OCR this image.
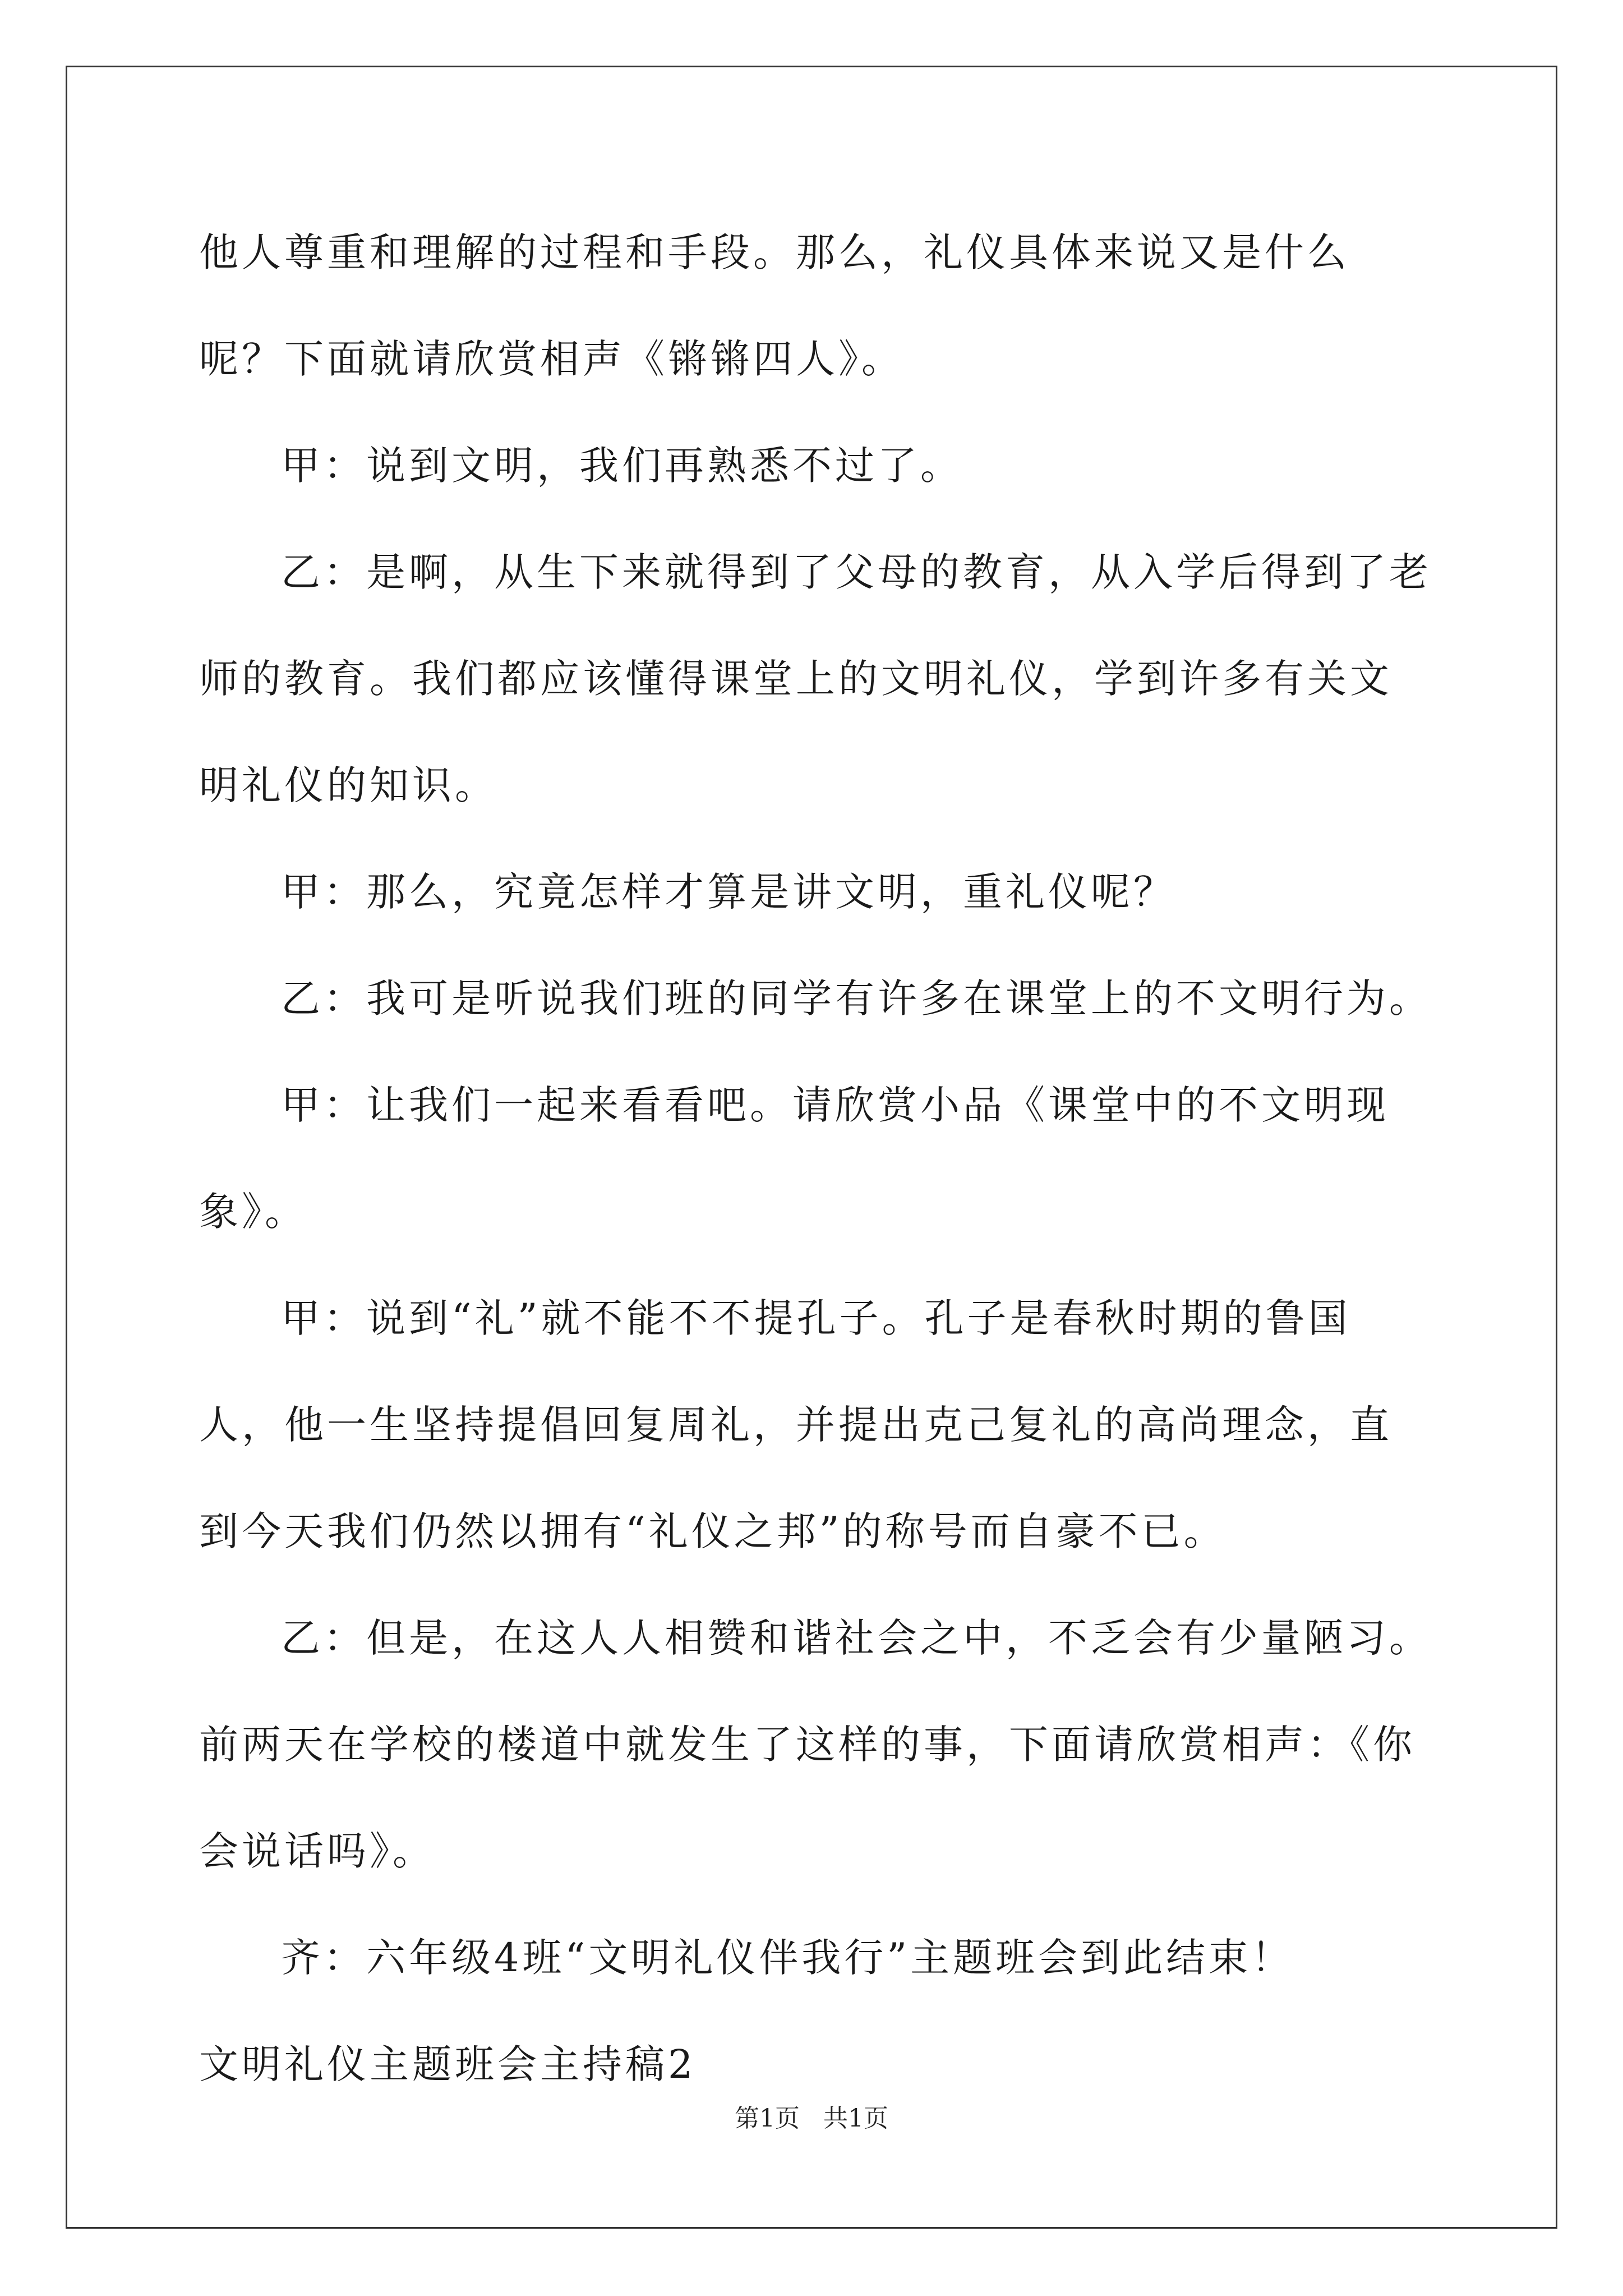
他人尊重和理解的过程和手段。那么，礼仪具体来说又是什么呢？下面就请欣赏相声《锵锵四人》。

甲：说到文明，我们再熟悉不过了。

乙：是啊，从生下来就得到了父母的教育，从入学后得到了老师的教育。我们都应该懂得课堂上的文明礼仪，学到许多有关文明礼仪的知识。

甲：那么，究竟怎样才算是讲文明，重礼仪呢？

乙：我可是听说我们班的同学有许多在课堂上的不文明行为。

甲：让我们一起来看看吧。请欣赏小品《课堂中的不文明现象》。

甲：说到“礼”就不能不不提孔子。孔子是春秋时期的鲁国人，他一生坚持提倡回复周礼，并提出克己复礼的高尚理念，直到今天我们仍然以拥有“礼仪之邦”的称号而自豪不已。

乙：但是，在这人人相赞和谐社会之中，不乏会有少量陋习。前两天在学校的楼道中就发生了这样的事，下面请欣赏相声：《你会说话吗》。

齐：六年级4班“文明礼仪伴我行”主题班会到此结束！

文明礼仪主题班会主持稿2

第1页 共1页
